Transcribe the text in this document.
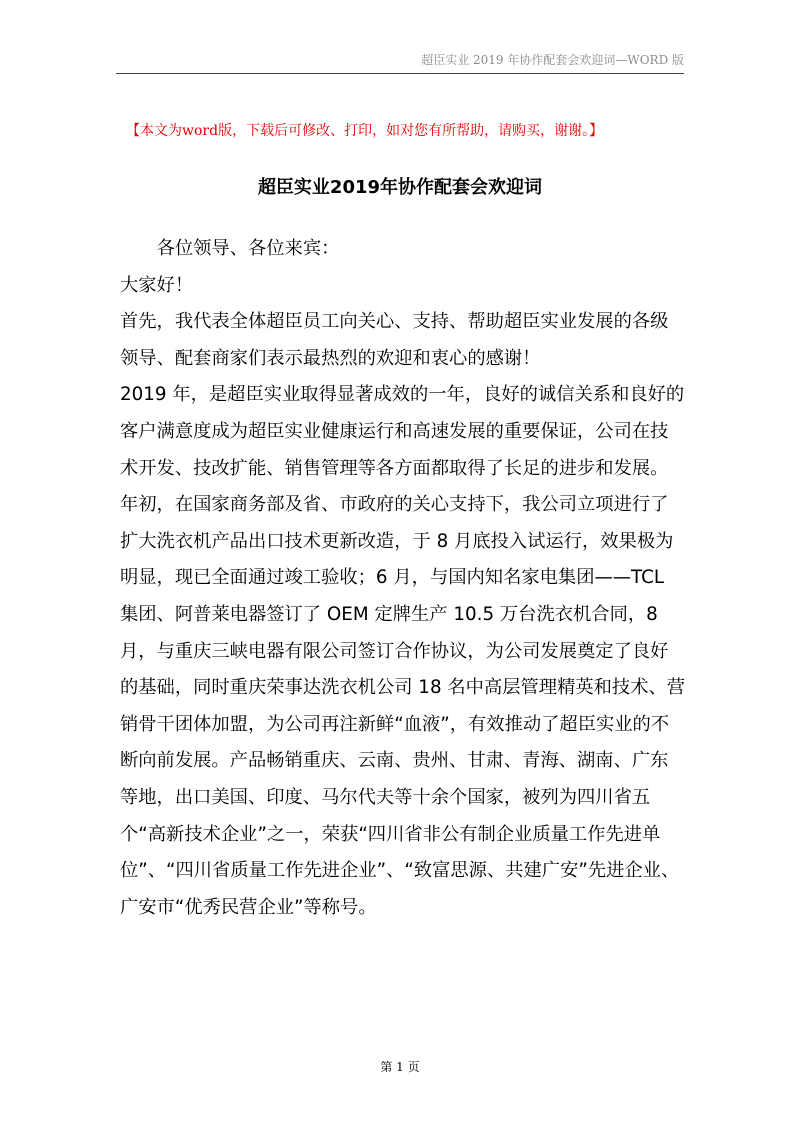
超臣实业 2019 年协作配套会欢迎词—WORD 版
【本文为word版，下载后可修改、打印，如对您有所帮助，请购买，谢谢。】
超臣实业2019年协作配套会欢迎词

各位领导、各位来宾：

大家好！

首先，我代表全体超臣员工向关心、支持、帮助超臣实业发展的各级领导、配套商家们表示最热烈的欢迎和衷心的感谢！

2019 年，是超臣实业取得显著成效的一年，良好的诚信关系和良好的客户满意度成为超臣实业健康运行和高速发展的重要保证，公司在技术开发、技改扩能、销售管理等各方面都取得了长足的进步和发展。年初，在国家商务部及省、市政府的关心支持下，我公司立项进行了扩大洗衣机产品出口技术更新改造，于 8 月底投入试运行，效果极为明显，现已全面通过竣工验收；6 月，与国内知名家电集团——TCL 集团、阿普莱电器签订了 OEM 定牌生产 10.5 万台洗衣机合同，8 月，与重庆三峡电器有限公司签订合作协议，为公司发展奠定了良好的基础，同时重庆荣事达洗衣机公司 18 名中高层管理精英和技术、营销骨干团体加盟，为公司再注新鲜“血液”，有效推动了超臣实业的不断向前发展。产品畅销重庆、云南、贵州、甘肃、青海、湖南、广东等地，出口美国、印度、马尔代夫等十余个国家，被列为四川省五个“高新技术企业”之一，荣获“四川省非公有制企业质量工作先进单位”、“四川省质量工作先进企业”、“致富思源、共建广安”先进企业、广安市“优秀民营企业”等称号。

第 1 页
